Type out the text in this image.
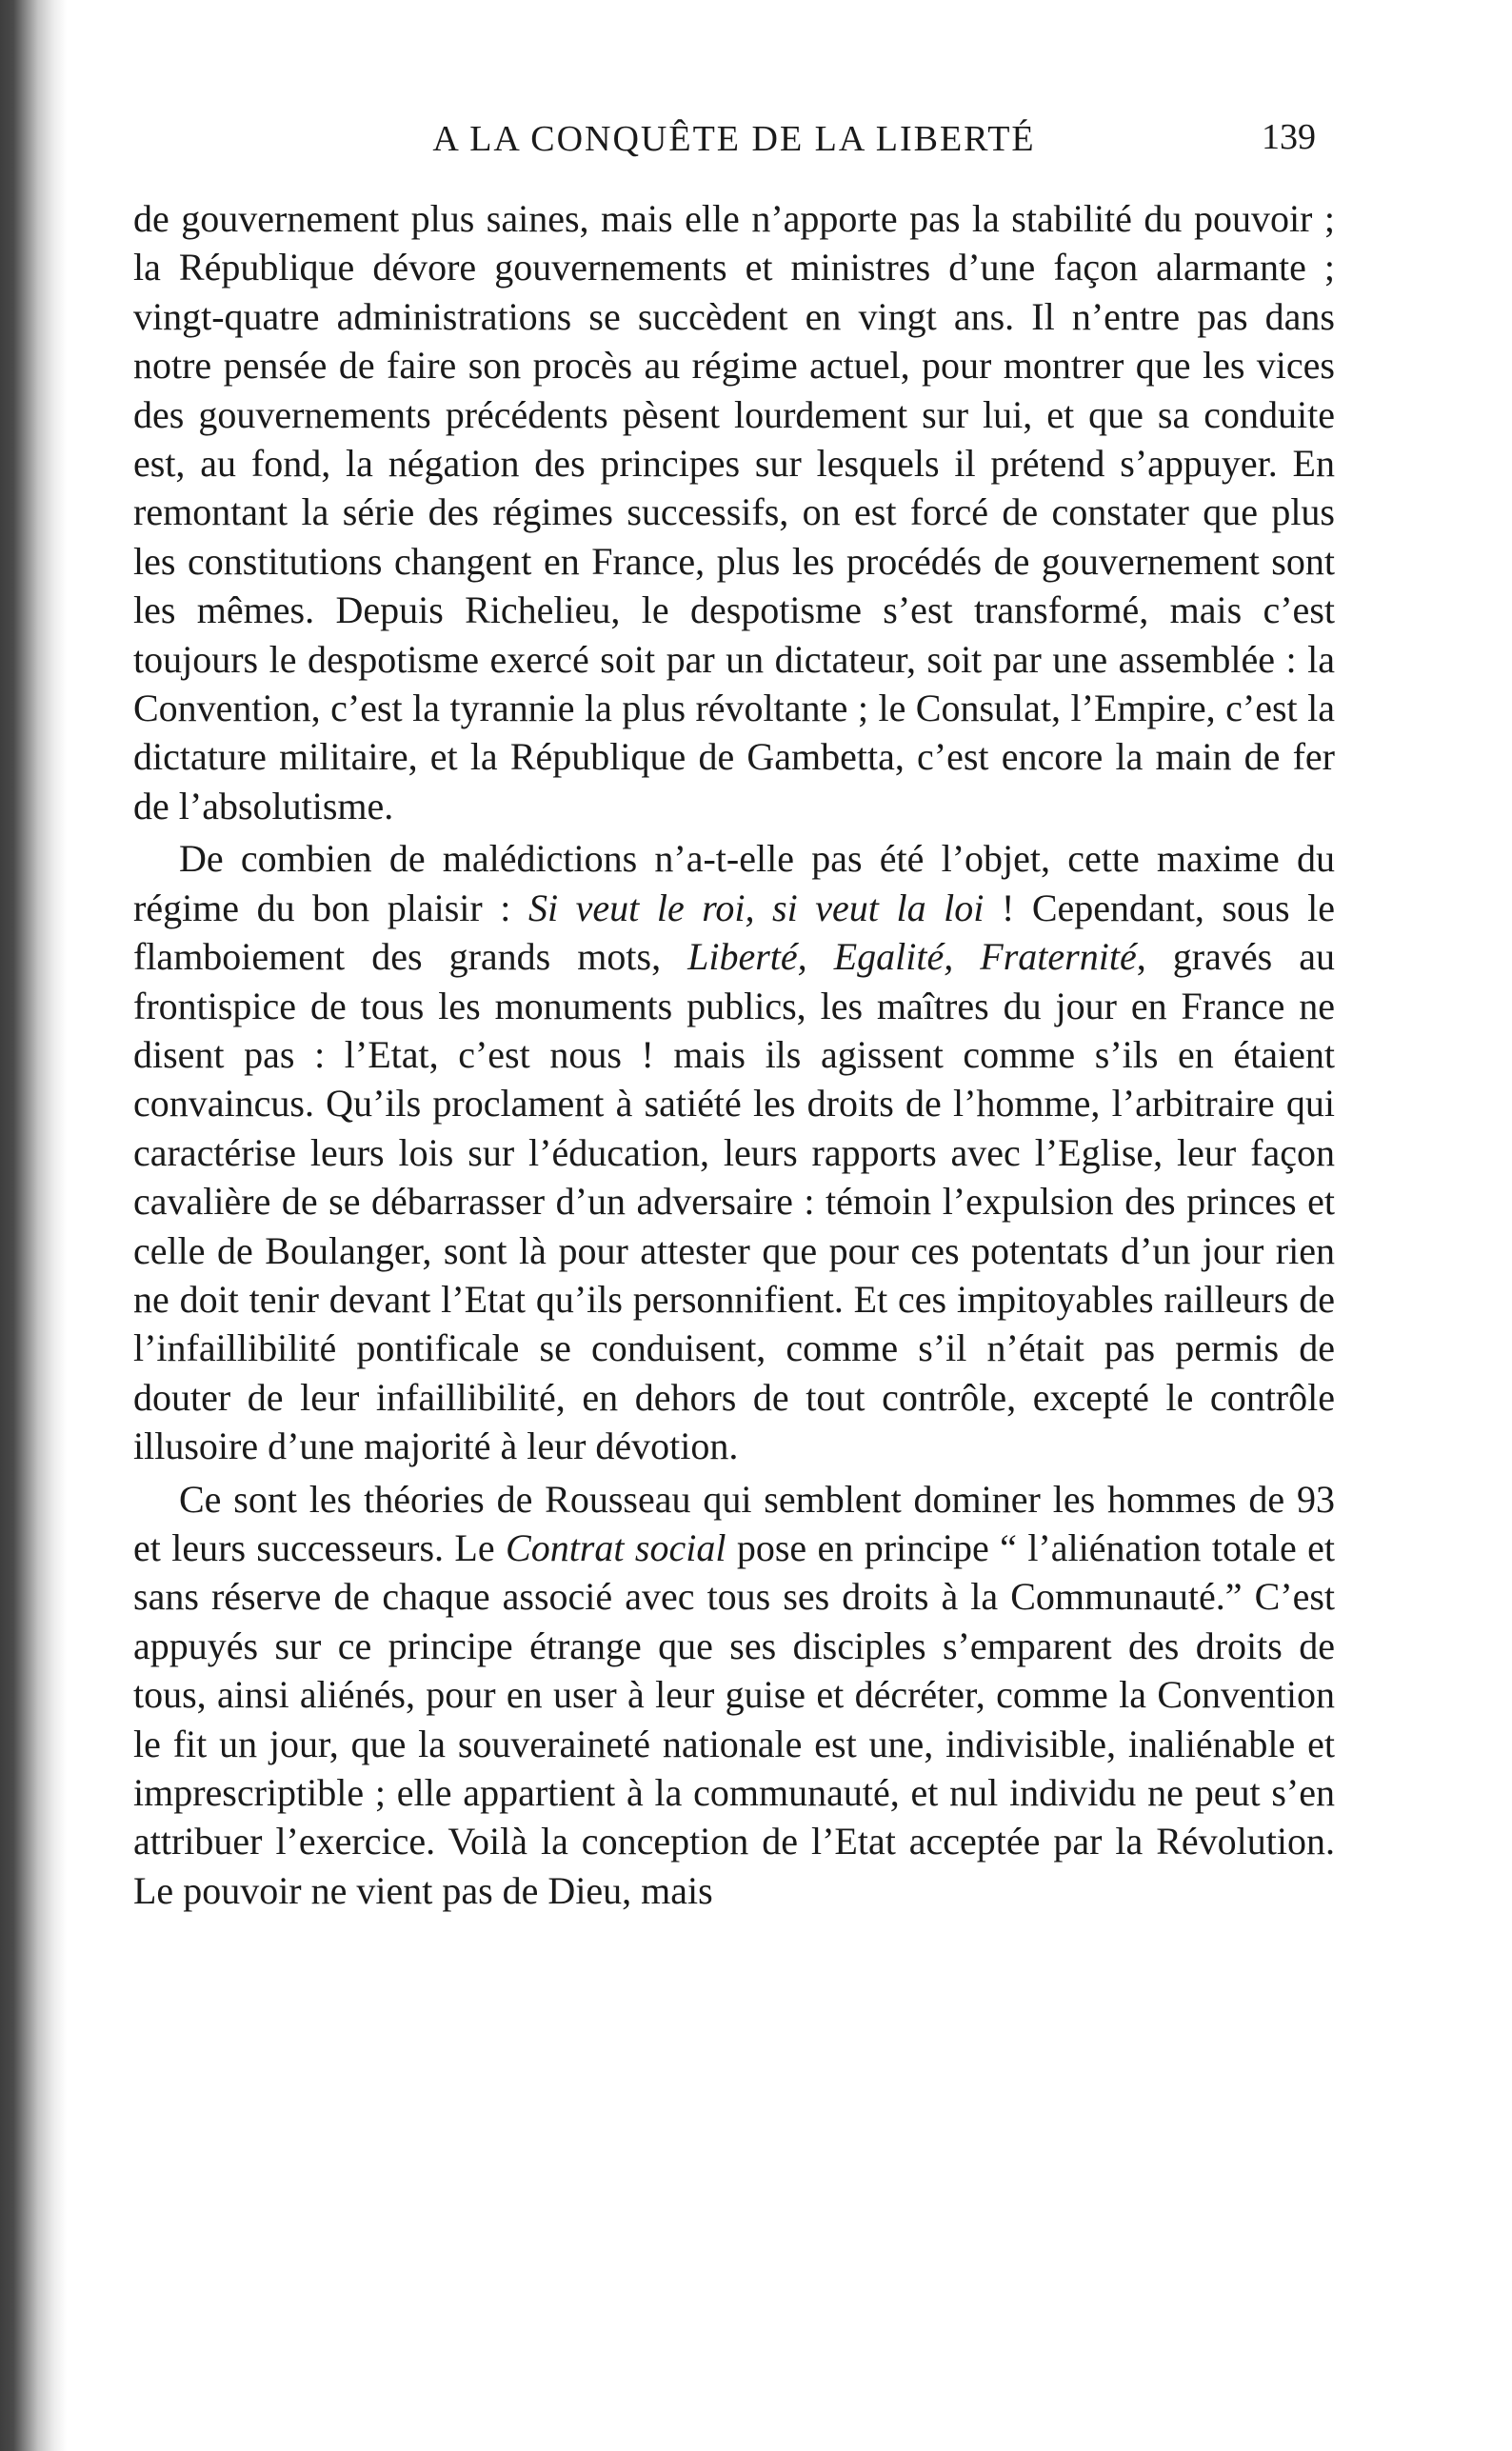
A LA CONQUÊTE DE LA LIBERTÉ	139

de gouvernement plus saines, mais elle n’apporte pas la stabilité du pouvoir ; la République dévore gouvernements et ministres d’une façon alarmante ; vingt-quatre administrations se succèdent en vingt ans. Il n’entre pas dans notre pensée de faire son procès au régime actuel, pour montrer que les vices des gouvernements précédents pèsent lourdement sur lui, et que sa conduite est, au fond, la négation des principes sur lesquels il prétend s’appuyer. En remontant la série des régimes successifs, on est forcé de constater que plus les constitutions changent en France, plus les procédés de gouvernement sont les mêmes. Depuis Richelieu, le despotisme s’est transformé, mais c’est toujours le despotisme exercé soit par un dictateur, soit par une assemblée : la Convention, c’est la tyrannie la plus révoltante ; le Consulat, l’Empire, c’est la dictature militaire, et la République de Gambetta, c’est encore la main de fer de l’absolutisme.

De combien de malédictions n’a-t-elle pas été l’objet, cette maxime du régime du bon plaisir : Si veut le roi, si veut la loi ! Cependant, sous le flamboiement des grands mots, Liberté, Egalité, Fraternité, gravés au frontispice de tous les monuments publics, les maîtres du jour en France ne disent pas : l’Etat, c’est nous ! mais ils agissent comme s’ils en étaient convaincus. Qu’ils proclament à satiété les droits de l’homme, l’arbitraire qui caractérise leurs lois sur l’éducation, leurs rapports avec l’Eglise, leur façon cavalière de se débarrasser d’un adversaire : témoin l’expulsion des princes et celle de Boulanger, sont là pour attester que pour ces potentats d’un jour rien ne doit tenir devant l’Etat qu’ils personnifient. Et ces impitoyables railleurs de l’infaillibilité pontificale se conduisent, comme s’il n’était pas permis de douter de leur infaillibilité, en dehors de tout contrôle, excepté le contrôle illusoire d’une majorité à leur dévotion.

Ce sont les théories de Rousseau qui semblent dominer les hommes de 93 et leurs successeurs. Le Contrat social pose en principe “ l’aliénation totale et sans réserve de chaque associé avec tous ses droits à la Communauté.” C’est appuyés sur ce principe étrange que ses disciples s’emparent des droits de tous, ainsi aliénés, pour en user à leur guise et décréter, comme la Convention le fit un jour, que la souveraineté nationale est une, indivisible, inaliénable et imprescriptible ; elle appartient à la communauté, et nul individu ne peut s’en attribuer l’exercice. Voilà la conception de l’Etat acceptée par la Révolution. Le pouvoir ne vient pas de Dieu, mais
